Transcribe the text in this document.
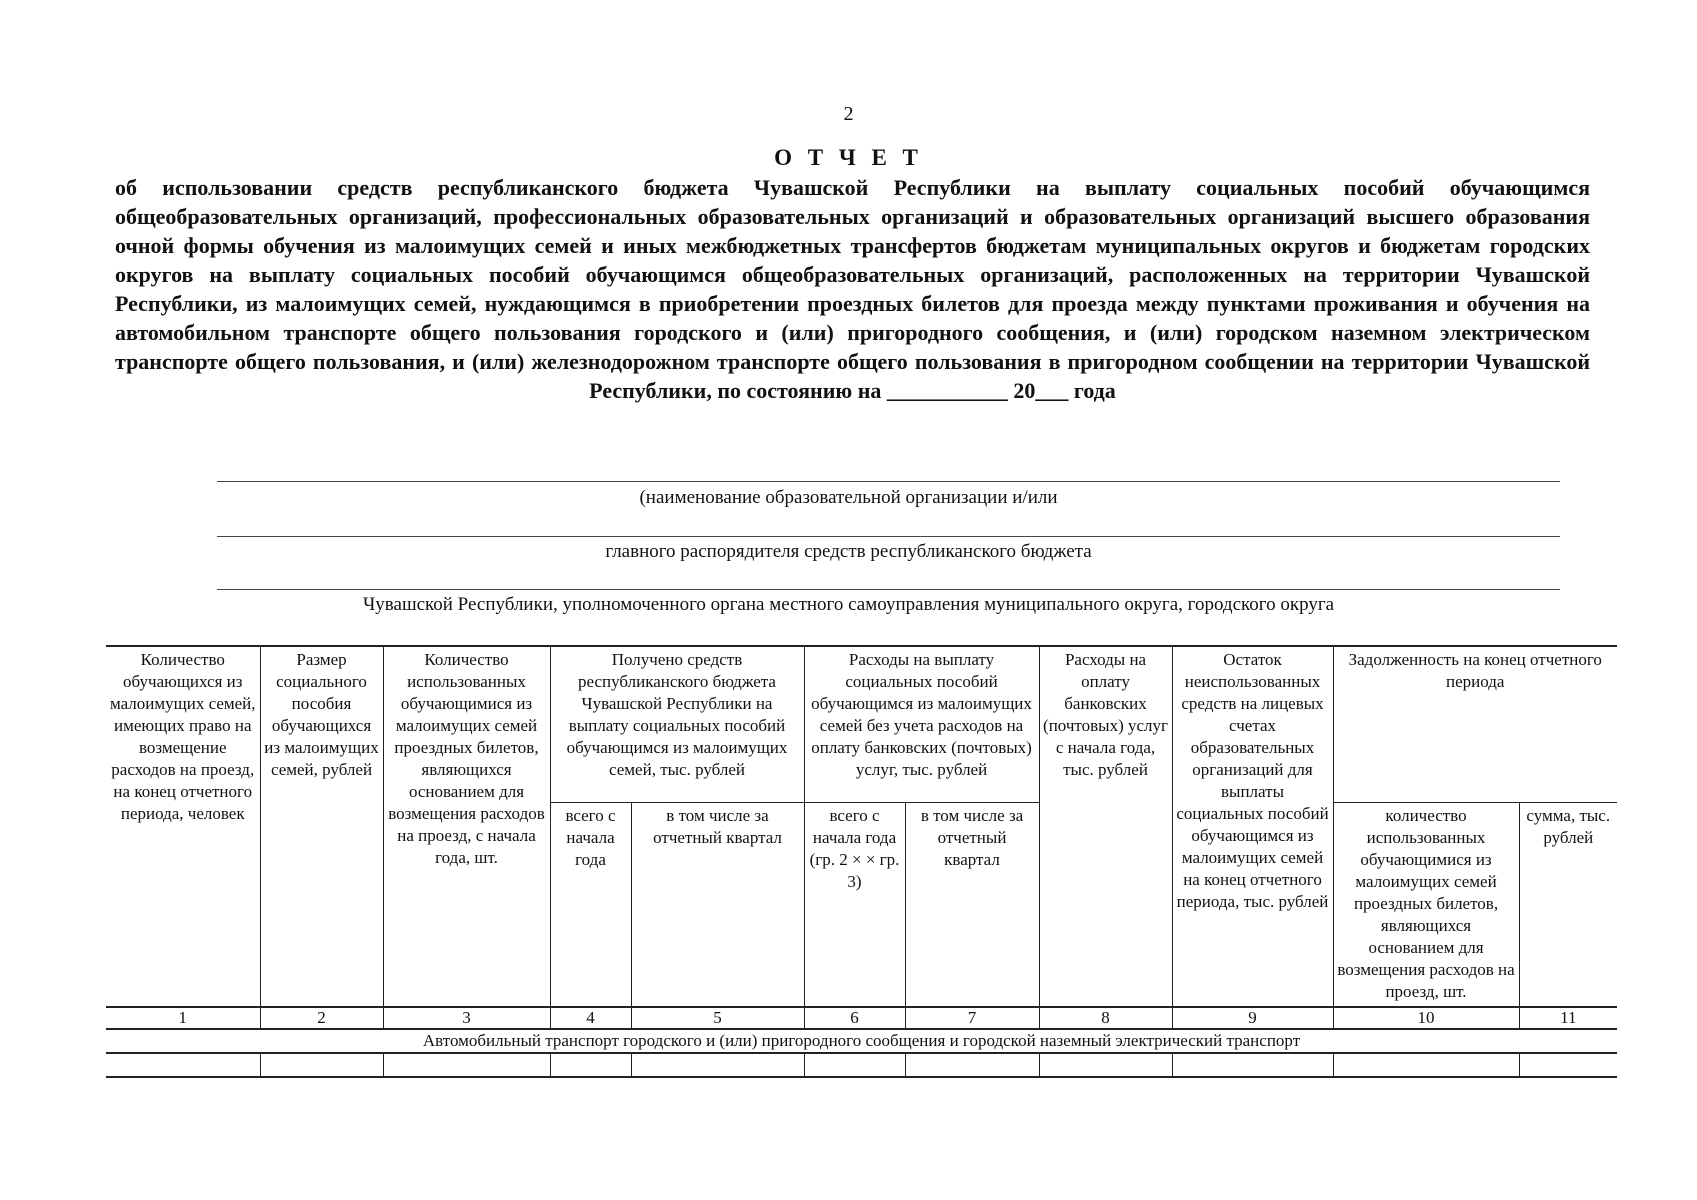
2
О Т Ч Е Т

об использовании средств республиканского бюджета Чувашской Республики на выплату социальных пособий обучающимся общеобразовательных организаций, профессиональных образовательных организаций и образовательных организаций высшего образования очной формы обучения из малоимущих семей и иных межбюджетных трансфертов бюджетам муниципальных округов и бюджетам городских округов на выплату социальных пособий обучающимся общеобразовательных организаций, расположенных на территории Чувашской Республики, из малоимущих семей, нуждающимся в приобретении проездных билетов для проезда между пунктами проживания и обучения на автомобильном транспорте общего пользования городского и (или) пригородного сообщения, и (или) городском наземном электрическом транспорте общего пользования, и (или) железнодорожном транспорте общего пользования в пригородном сообщении на территории Чувашской Республики, по состоянию на ___________ 20___ года

(наименование образовательной организации и/или
главного распорядителя средств республиканского бюджета
Чувашской Республики, уполномоченного органа местного самоуправления муниципального округа, городского округа
Количество обучающихся из малоимущих семей, имеющих право на возмещение расходов на проезд, на конец отчетного периода, человек	Размер социального пособия обучающихся из малоимущих семей, рублей	Количество использованных обучающимися из малоимущих семей проездных билетов, являющихся основанием для возмещения расходов на проезд, с начала года, шт.	Получено средств республиканского бюджета Чувашской Республики на выплату социальных пособий обучающимся из малоимущих семей, тыс. рублей		Расходы на выплату социальных пособий обучающимся из малоимущих семей без учета расходов на оплату банковских (почтовых) услуг, тыс. рублей		Расходы на оплату банковских (почтовых) услуг с начала года, тыс. рублей	Остаток неиспользованных средств на лицевых счетах образовательных организаций для выплаты социальных пособий обучающимся из малоимущих семей на конец отчетного периода, тыс. рублей	Задолженность на конец отчетного периода	
			всего с начала года	в том числе за отчетный квартал	всего с начала года (гр. 2 × × гр. 3)	в том числе за отчетный квартал			количество использованных обучающимися из малоимущих семей проездных билетов, являющихся основанием для возмещения расходов на проезд, шт.	сумма, тыс. рублей
1	2	3	4	5	6	7	8	9	10	11
Автомобильный транспорт городского и (или) пригородного сообщения и городской наземный электрический транспорт										
